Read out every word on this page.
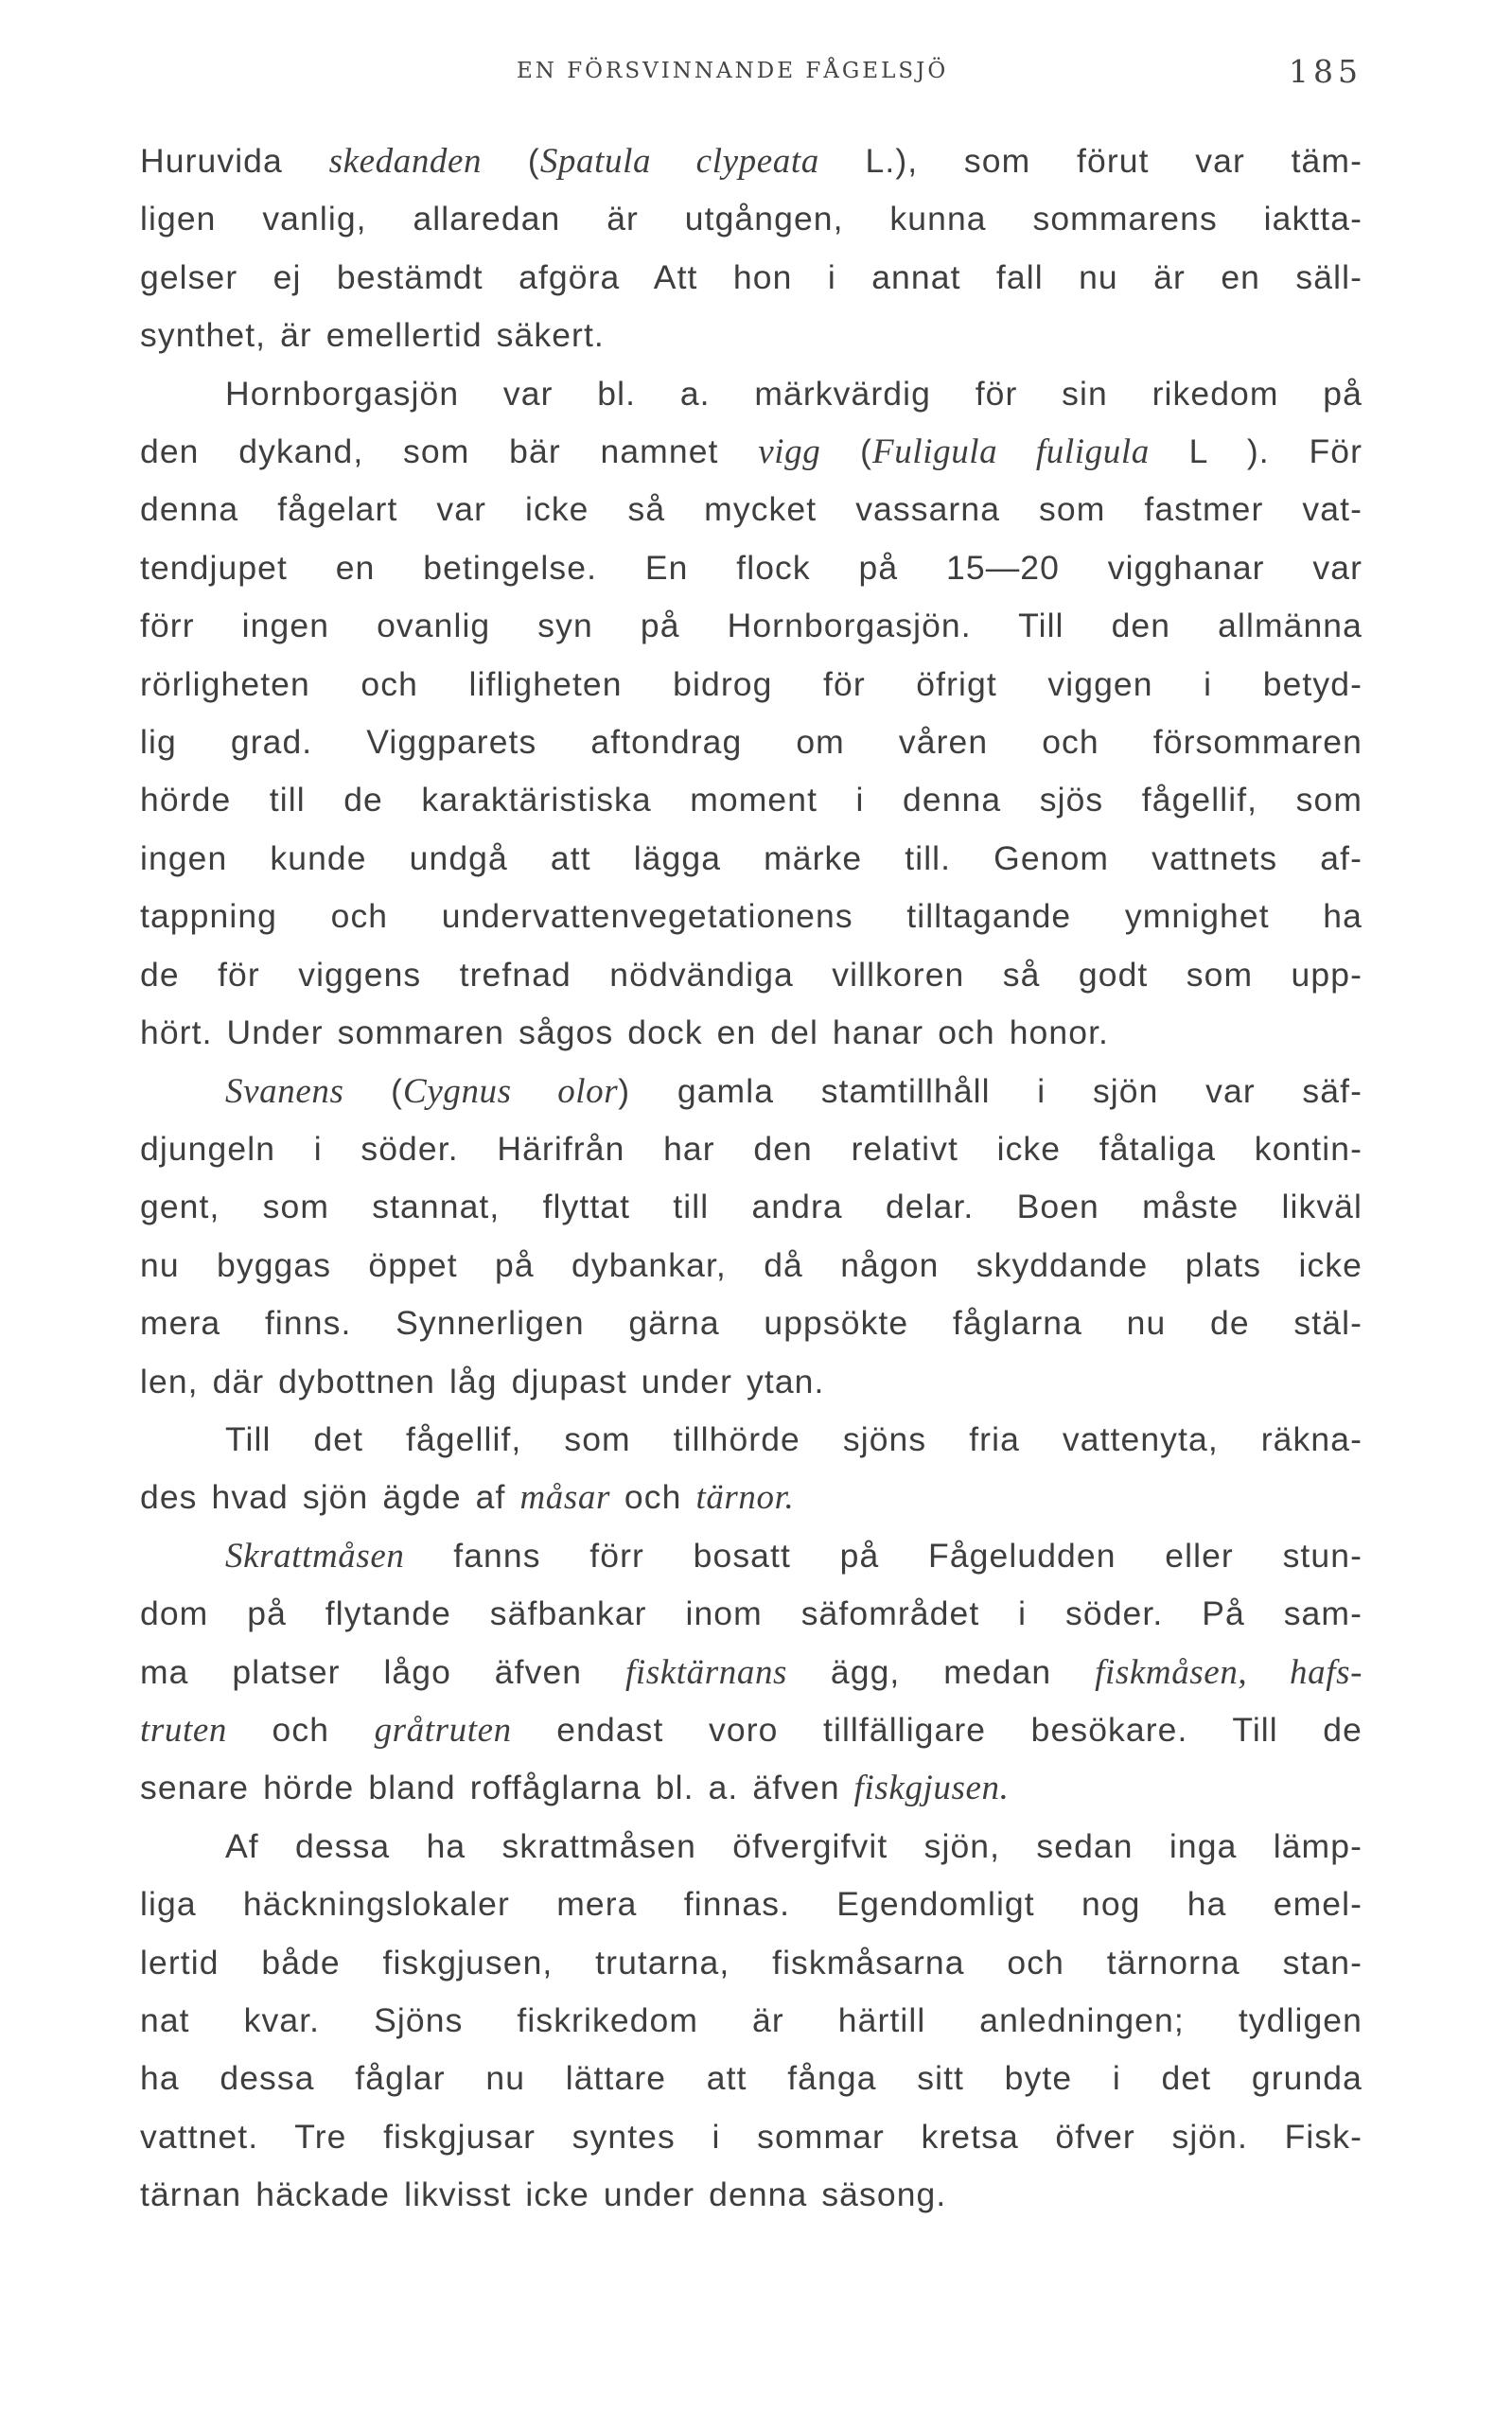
EN FÖRSVINNANDE FÅGELSJÖ	185

Huruvida skedanden (Spatula clypeata L.), som förut var täm-

ligen vanlig, allaredan är utgången, kunna sommarens iaktta-

gelser ej bestämdt afgöra Att hon i annat fall nu är en säll-

synthet, är emellertid säkert.

Hornborgasjön var bl. a. märkvärdig för sin rikedom på

den dykand, som bär namnet vigg (Fuligula fuligula L ). För

denna fågelart var icke så mycket vassarna som fastmer vat-

tendjupet en betingelse. En flock på 15—20 vigghanar var

förr ingen ovanlig syn på Hornborgasjön. Till den allmänna

rörligheten och lifligheten bidrog för öfrigt viggen i betyd-

lig grad. Viggparets aftondrag om våren och försommaren

hörde till de karaktäristiska moment i denna sjös fågellif, som

ingen kunde undgå att lägga märke till. Genom vattnets af-

tappning och undervattenvegetationens tilltagande ymnighet ha

de för viggens trefnad nödvändiga villkoren så godt som upp-

hört. Under sommaren sågos dock en del hanar och honor.

Svanens (Cygnus olor) gamla stamtillhåll i sjön var säf-

djungeln i söder. Härifrån har den relativt icke fåtaliga kontin-

gent, som stannat, flyttat till andra delar. Boen måste likväl

nu byggas öppet på dybankar, då någon skyddande plats icke

mera finns. Synnerligen gärna uppsökte fåglarna nu de stäl-

len, där dybottnen låg djupast under ytan.

Till det fågellif, som tillhörde sjöns fria vattenyta, räkna-

des hvad sjön ägde af måsar och tärnor.

Skrattmåsen fanns förr bosatt på Fågeludden eller stun-

dom på flytande säfbankar inom säfområdet i söder. På sam-

ma platser lågo äfven fisktärnans ägg, medan fiskmåsen, hafs-

truten och gråtruten endast voro tillfälligare besökare. Till de

senare hörde bland roffåglarna bl. a. äfven fiskgjusen.

Af dessa ha skrattmåsen öfvergifvit sjön, sedan inga lämp-

liga häckningslokaler mera finnas. Egendomligt nog ha emel-

lertid både fiskgjusen, trutarna, fiskmåsarna och tärnorna stan-

nat kvar. Sjöns fiskrikedom är härtill anledningen; tydligen

ha dessa fåglar nu lättare att fånga sitt byte i det grunda

vattnet. Tre fiskgjusar syntes i sommar kretsa öfver sjön. Fisk-

tärnan häckade likvisst icke under denna säsong.
